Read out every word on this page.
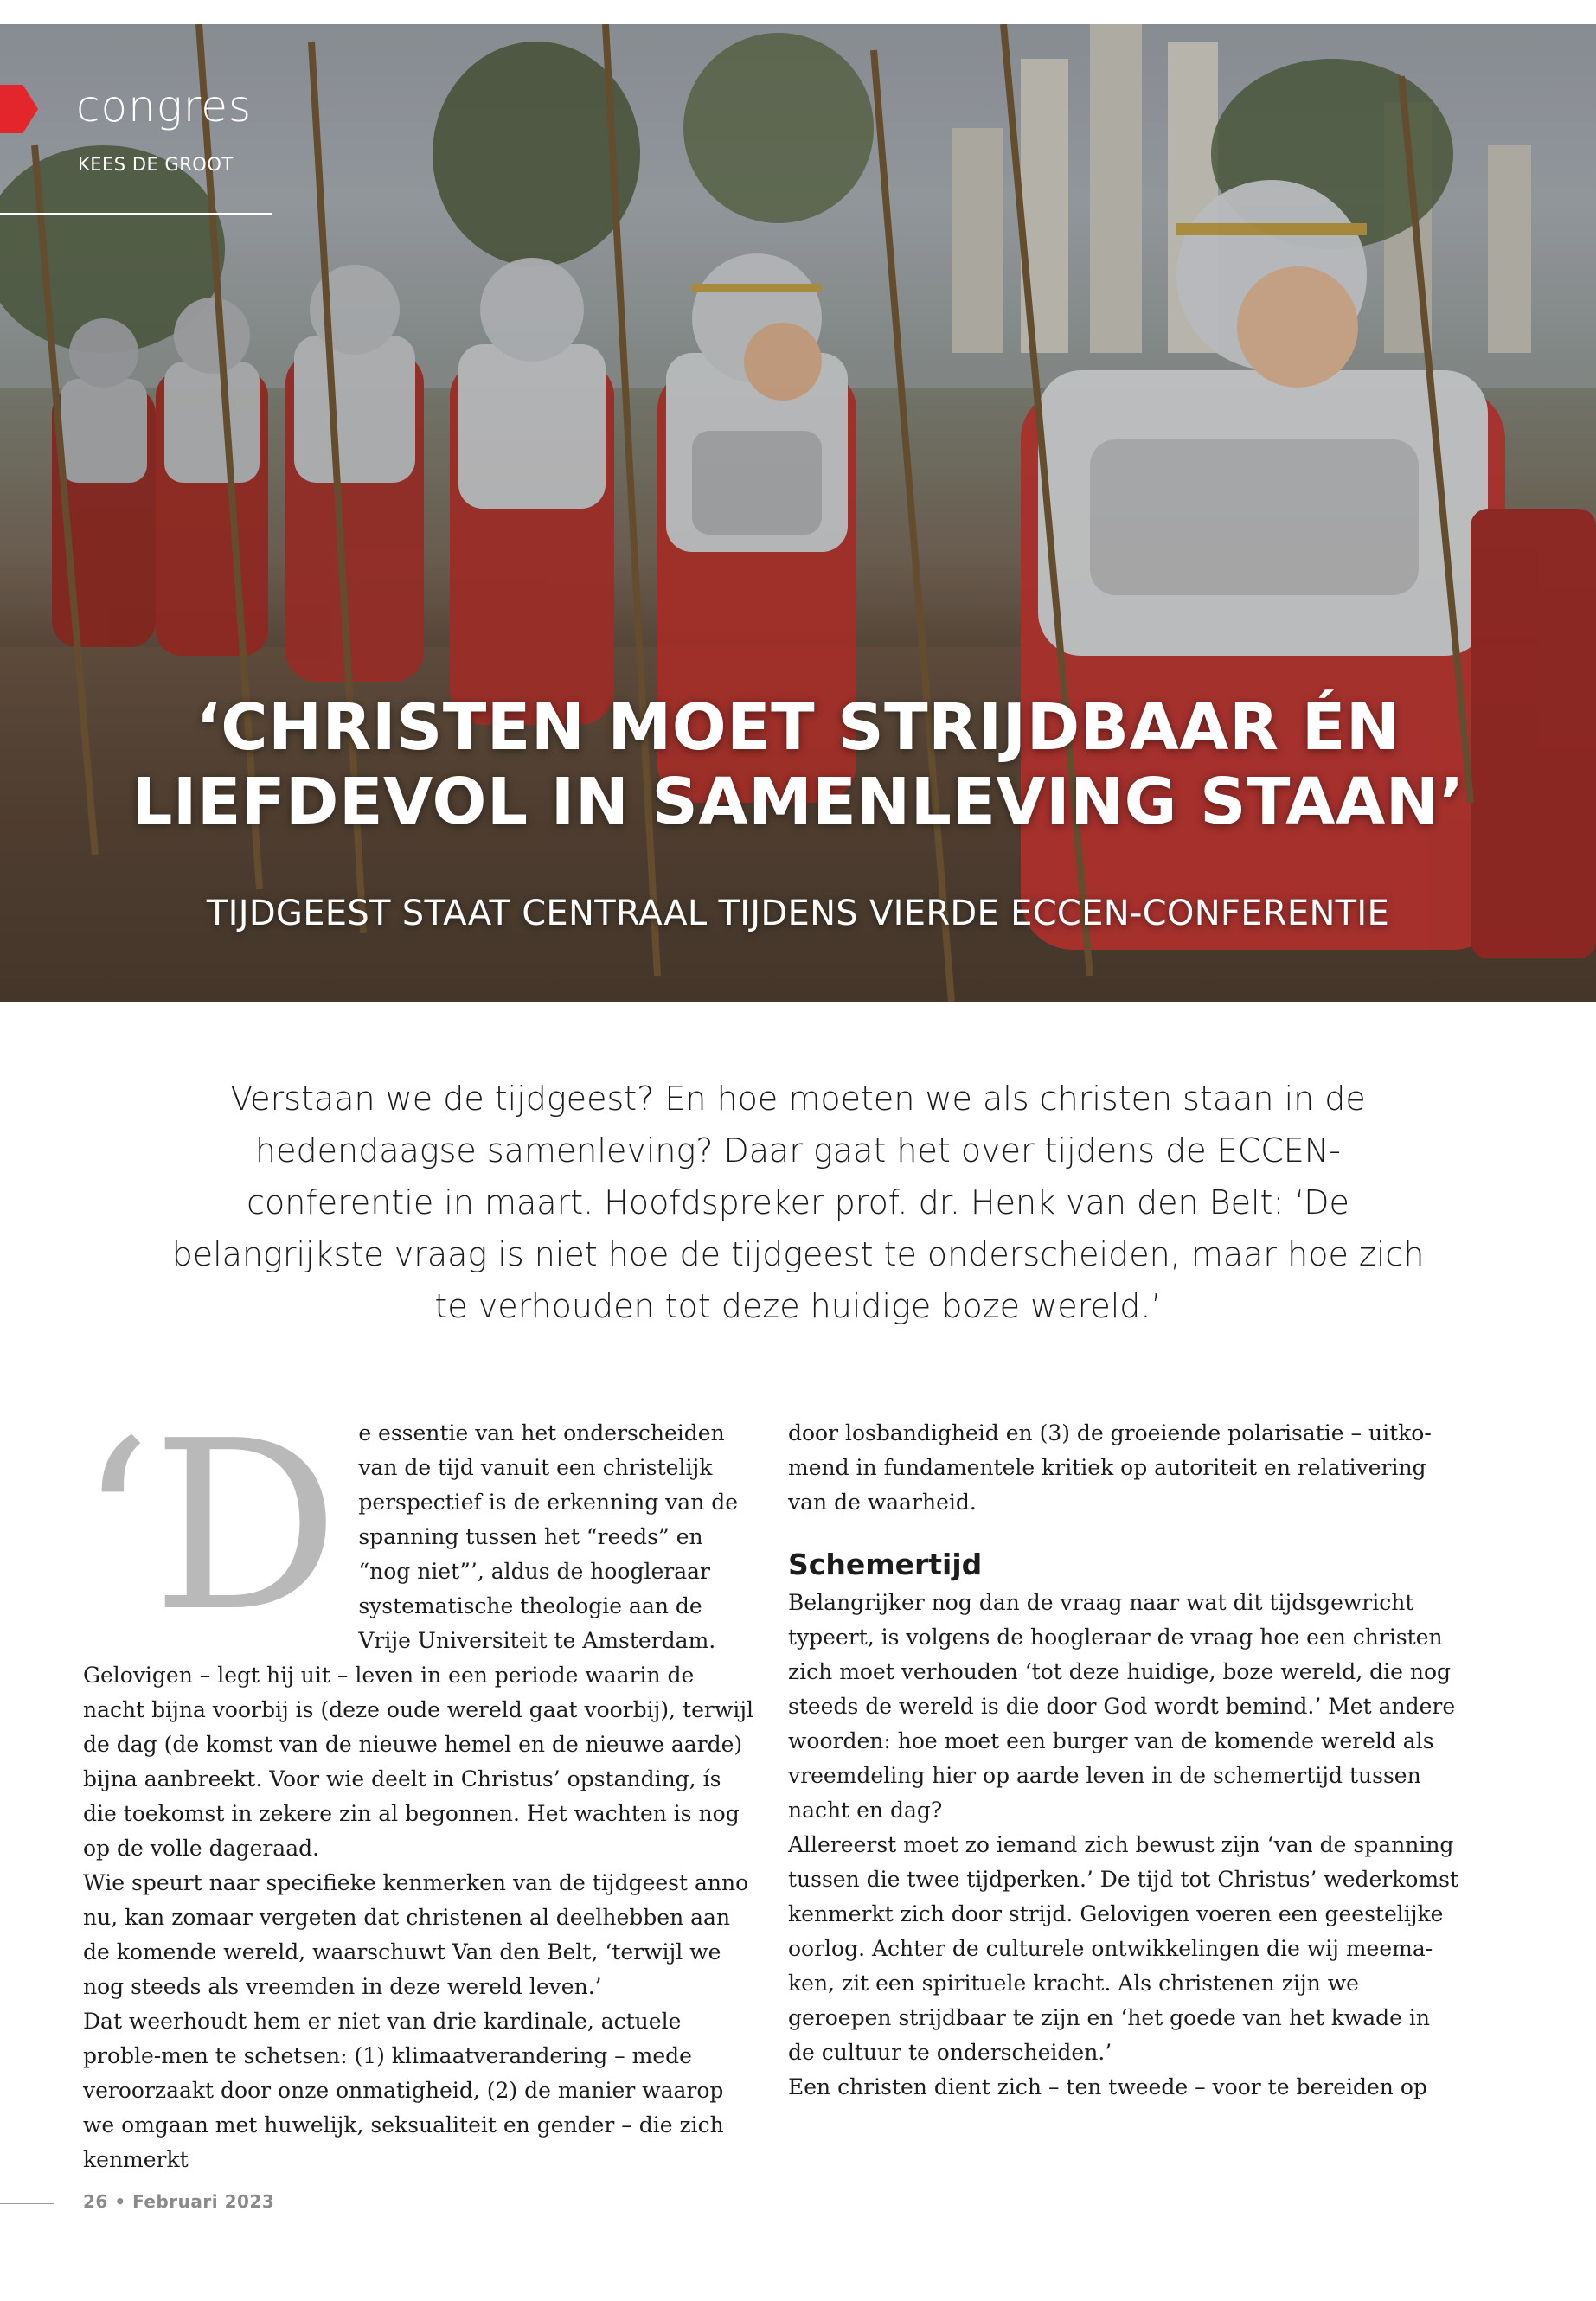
congres
KEES DE GROOT
‘CHRISTEN MOET STRIJDBAAR ÉN
LIEFDEVOL IN SAMENLEVING STAAN’

TIJDGEEST STAAT CENTRAAL TIJDENS VIERDE ECCEN-CONFERENTIE

Verstaan we de tijdgeest? En hoe moeten we als christen staan in de hedendaagse samenleving? Daar gaat het over tijdens de ECCEN-conferentie in maart. Hoofdspreker prof. dr. Henk van den Belt: ‘De belangrijkste vraag is niet hoe de tijdgeest te onderscheiden, maar hoe zich te verhouden tot deze huidige boze wereld.’

‘D e essentie van het onderscheiden van de tijd vanuit een christelijk perspectief is de erkenning van de spanning tussen het “reeds” en “nog niet”’, aldus de hoogleraar systematische theologie aan de Vrije Universiteit te Amsterdam. Gelovigen – legt hij uit – leven in een periode waarin de nacht bijna voorbij is (deze oude wereld gaat voorbij), terwijl de dag (de komst van de nieuwe hemel en de nieuwe aarde) bijna aanbreekt. Voor wie deelt in Christus’ opstanding, ís die toekomst in zekere zin al begonnen. Het wachten is nog op de volle dageraad.

Wie speurt naar specifieke kenmerken van de tijdgeest anno nu, kan zomaar vergeten dat christenen al deelhebben aan de komende wereld, waarschuwt Van den Belt, ‘terwijl we nog steeds als vreemden in deze wereld leven.’

Dat weerhoudt hem er niet van drie kardinale, actuele proble-men te schetsen: (1) klimaatverandering – mede veroorzaakt door onze onmatigheid, (2) de manier waarop we omgaan met huwelijk, seksualiteit en gender – die zich kenmerkt

door losbandigheid en (3) de groeiende polarisatie – uitko-mend in fundamentele kritiek op autoriteit en relativering van de waarheid.

Schemertijd

Belangrijker nog dan de vraag naar wat dit tijdsgewricht typeert, is volgens de hoogleraar de vraag hoe een christen zich moet verhouden ‘tot deze huidige, boze wereld, die nog steeds de wereld is die door God wordt bemind.’ Met andere woorden: hoe moet een burger van de komende wereld als vreemdeling hier op aarde leven in de schemertijd tussen nacht en dag?

Allereerst moet zo iemand zich bewust zijn ‘van de spanning tussen die twee tijdperken.’ De tijd tot Christus’ wederkomst kenmerkt zich door strijd. Gelovigen voeren een geestelijke oorlog. Achter de culturele ontwikkelingen die wij meema-ken, zit een spirituele kracht. Als christenen zijn we geroepen strijdbaar te zijn en ‘het goede van het kwade in de cultuur te onderscheiden.’

Een christen dient zich – ten tweede – voor te bereiden op

26 • Februari 2023
